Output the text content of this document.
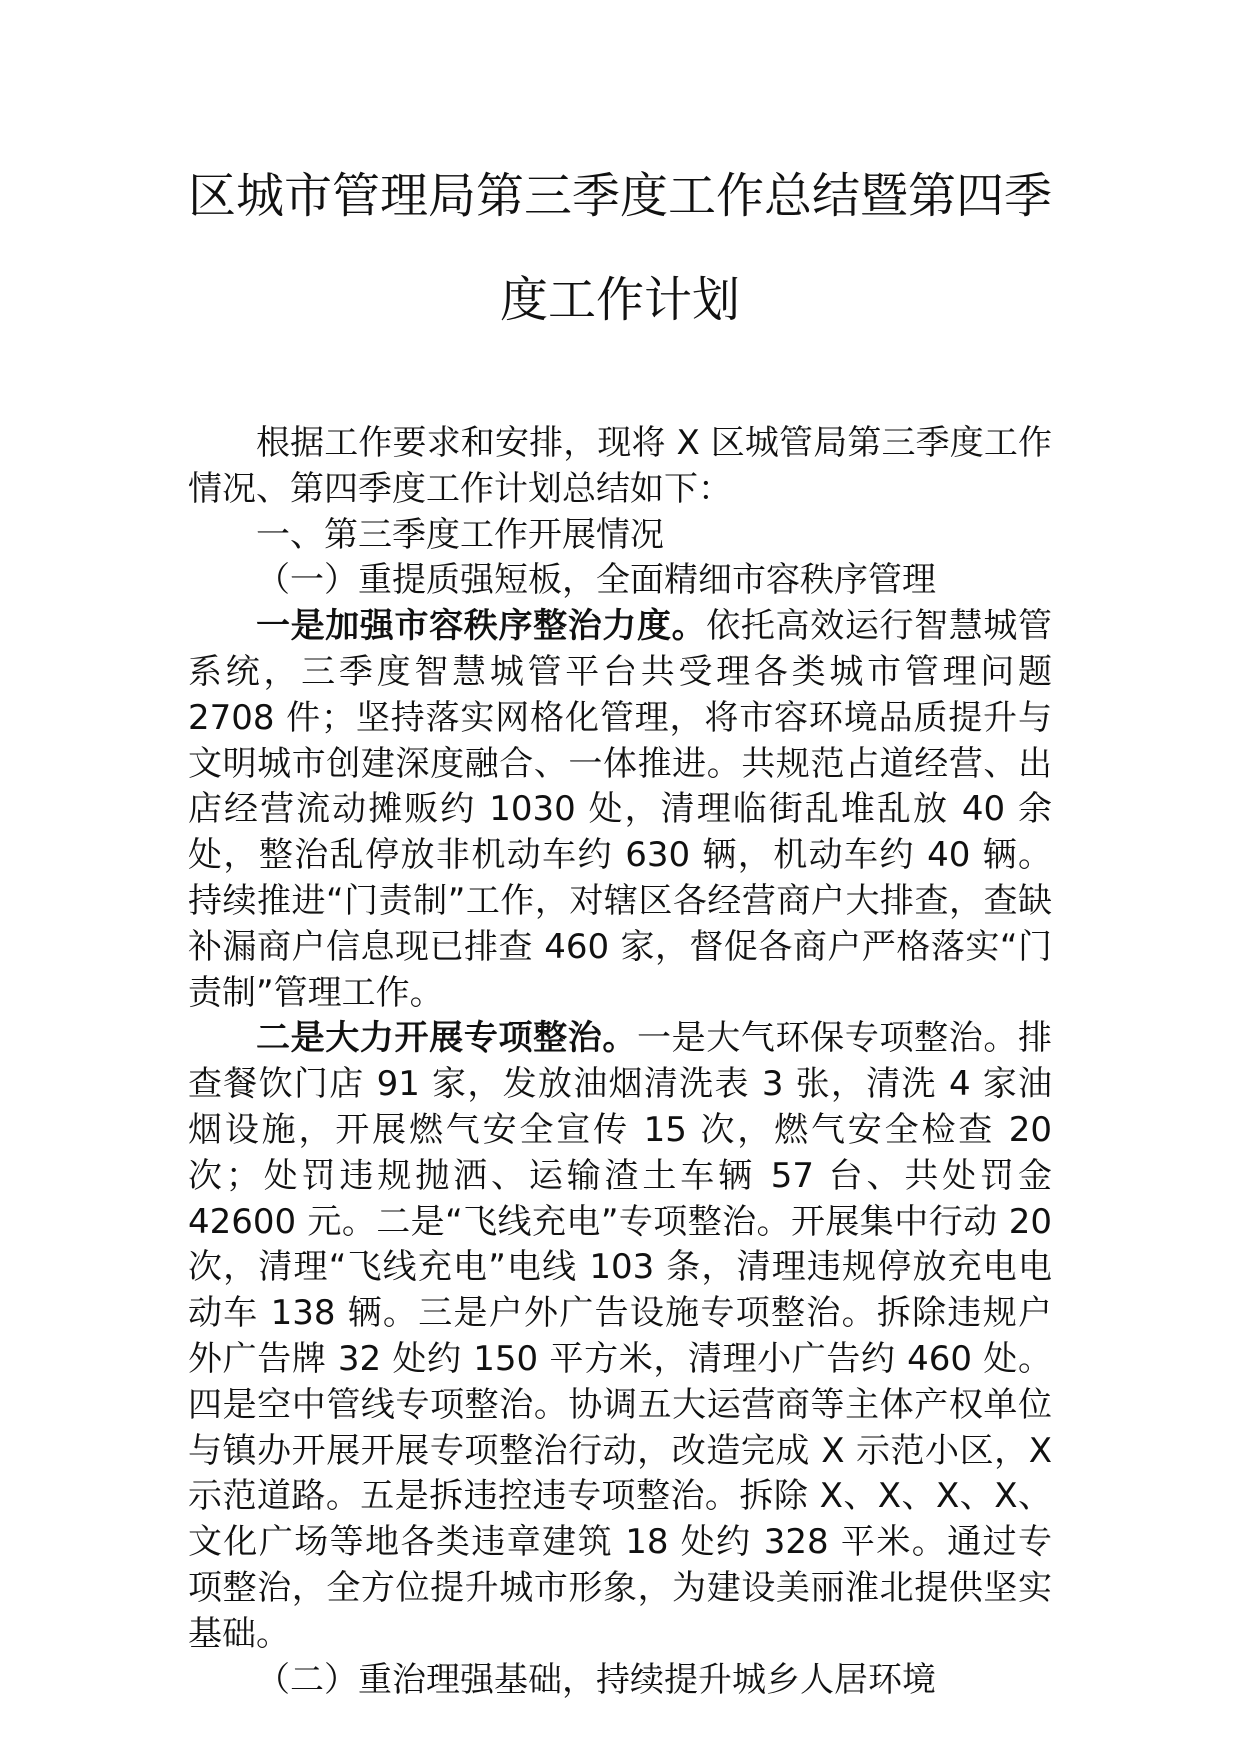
区城市管理局第三季度工作总结暨第四季
度工作计划

根据工作要求和安排，现将 X 区城管局第三季度工作情况、第四季度工作计划总结如下：

一、第三季度工作开展情况

（一）重提质强短板，全面精细市容秩序管理

一是加强市容秩序整治力度。依托高效运行智慧城管系统，三季度智慧城管平台共受理各类城市管理问题 2708 件；坚持落实网格化管理，将市容环境品质提升与文明城市创建深度融合、一体推进。共规范占道经营、出店经营流动摊贩约 1030 处，清理临街乱堆乱放 40 余处，整治乱停放非机动车约 630 辆，机动车约 40 辆。持续推进“门责制”工作，对辖区各经营商户大排查，查缺补漏商户信息现已排查 460 家，督促各商户严格落实“门责制”管理工作。

二是大力开展专项整治。一是大气环保专项整治。排查餐饮门店 91 家，发放油烟清洗表 3 张，清洗 4 家油烟设施，开展燃气安全宣传 15 次，燃气安全检查 20 次；处罚违规抛洒、运输渣土车辆 57 台、共处罚金 42600 元。二是“飞线充电”专项整治。开展集中行动 20 次，清理“飞线充电”电线 103 条，清理违规停放充电电动车 138 辆。三是户外广告设施专项整治。拆除违规户外广告牌 32 处约 150 平方米，清理小广告约 460 处。四是空中管线专项整治。协调五大运营商等主体产权单位与镇办开展开展专项整治行动，改造完成 X 示范小区，X 示范道路。五是拆违控违专项整治。拆除 X、X、X、X、文化广场等地各类违章建筑 18 处约 328 平米。通过专项整治，全方位提升城市形象，为建设美丽淮北提供坚实基础。

（二）重治理强基础，持续提升城乡人居环境
